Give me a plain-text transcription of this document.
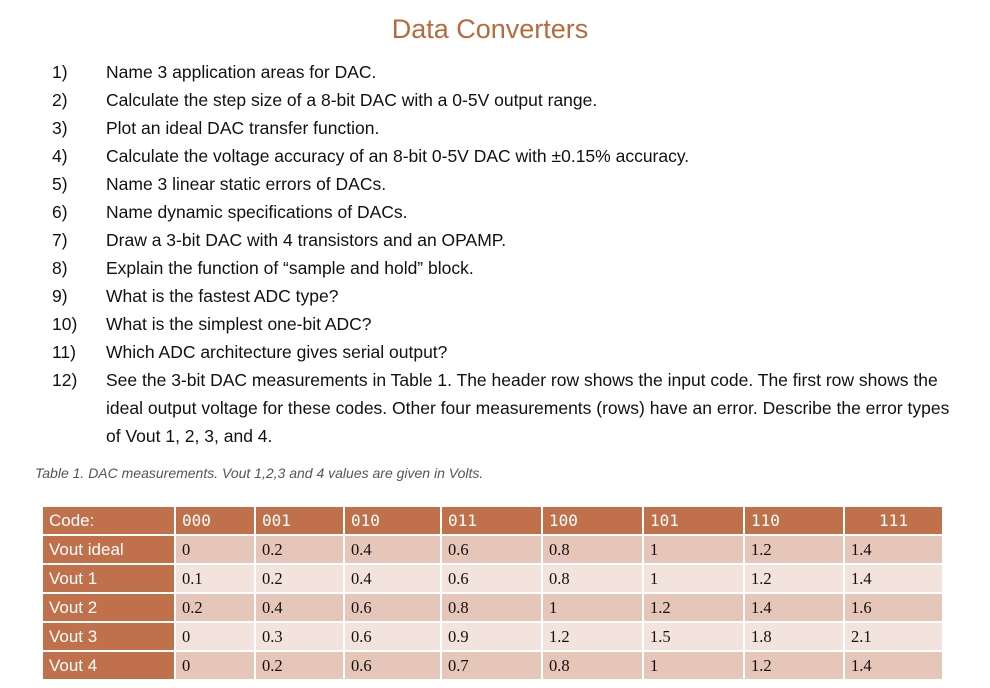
Data Converters
1)	Name 3 application areas for DAC.
2)	Calculate the step size of a 8-bit DAC with a 0-5V output range.
3)	Plot an ideal DAC transfer function.
4)	Calculate the voltage accuracy of an 8-bit 0-5V DAC with ±0.15% accuracy.
5)	Name 3 linear static errors of DACs.
6)	Name dynamic specifications of DACs.
7)	Draw a 3-bit DAC with 4 transistors and an OPAMP.
8)	Explain the function of “sample and hold” block.
9)	What is the fastest ADC type?
10)	What is the simplest one-bit ADC?
11)	Which ADC architecture gives serial output?
12)	See the 3-bit DAC measurements in Table 1. The header row shows the input code. The first row shows the ideal output voltage for these codes. Other four measurements (rows) have an error. Describe the error types of Vout 1, 2, 3, and 4.
Table 1. DAC measurements. Vout 1,2,3 and 4 values are given in Volts.
Code:	000	001	010	011	100	101	110	111
Vout ideal	0	0.2	0.4	0.6	0.8	1	1.2	1.4
Vout 1	0.1	0.2	0.4	0.6	0.8	1	1.2	1.4
Vout 2	0.2	0.4	0.6	0.8	1	1.2	1.4	1.6
Vout 3	0	0.3	0.6	0.9	1.2	1.5	1.8	2.1
Vout 4	0	0.2	0.6	0.7	0.8	1	1.2	1.4
